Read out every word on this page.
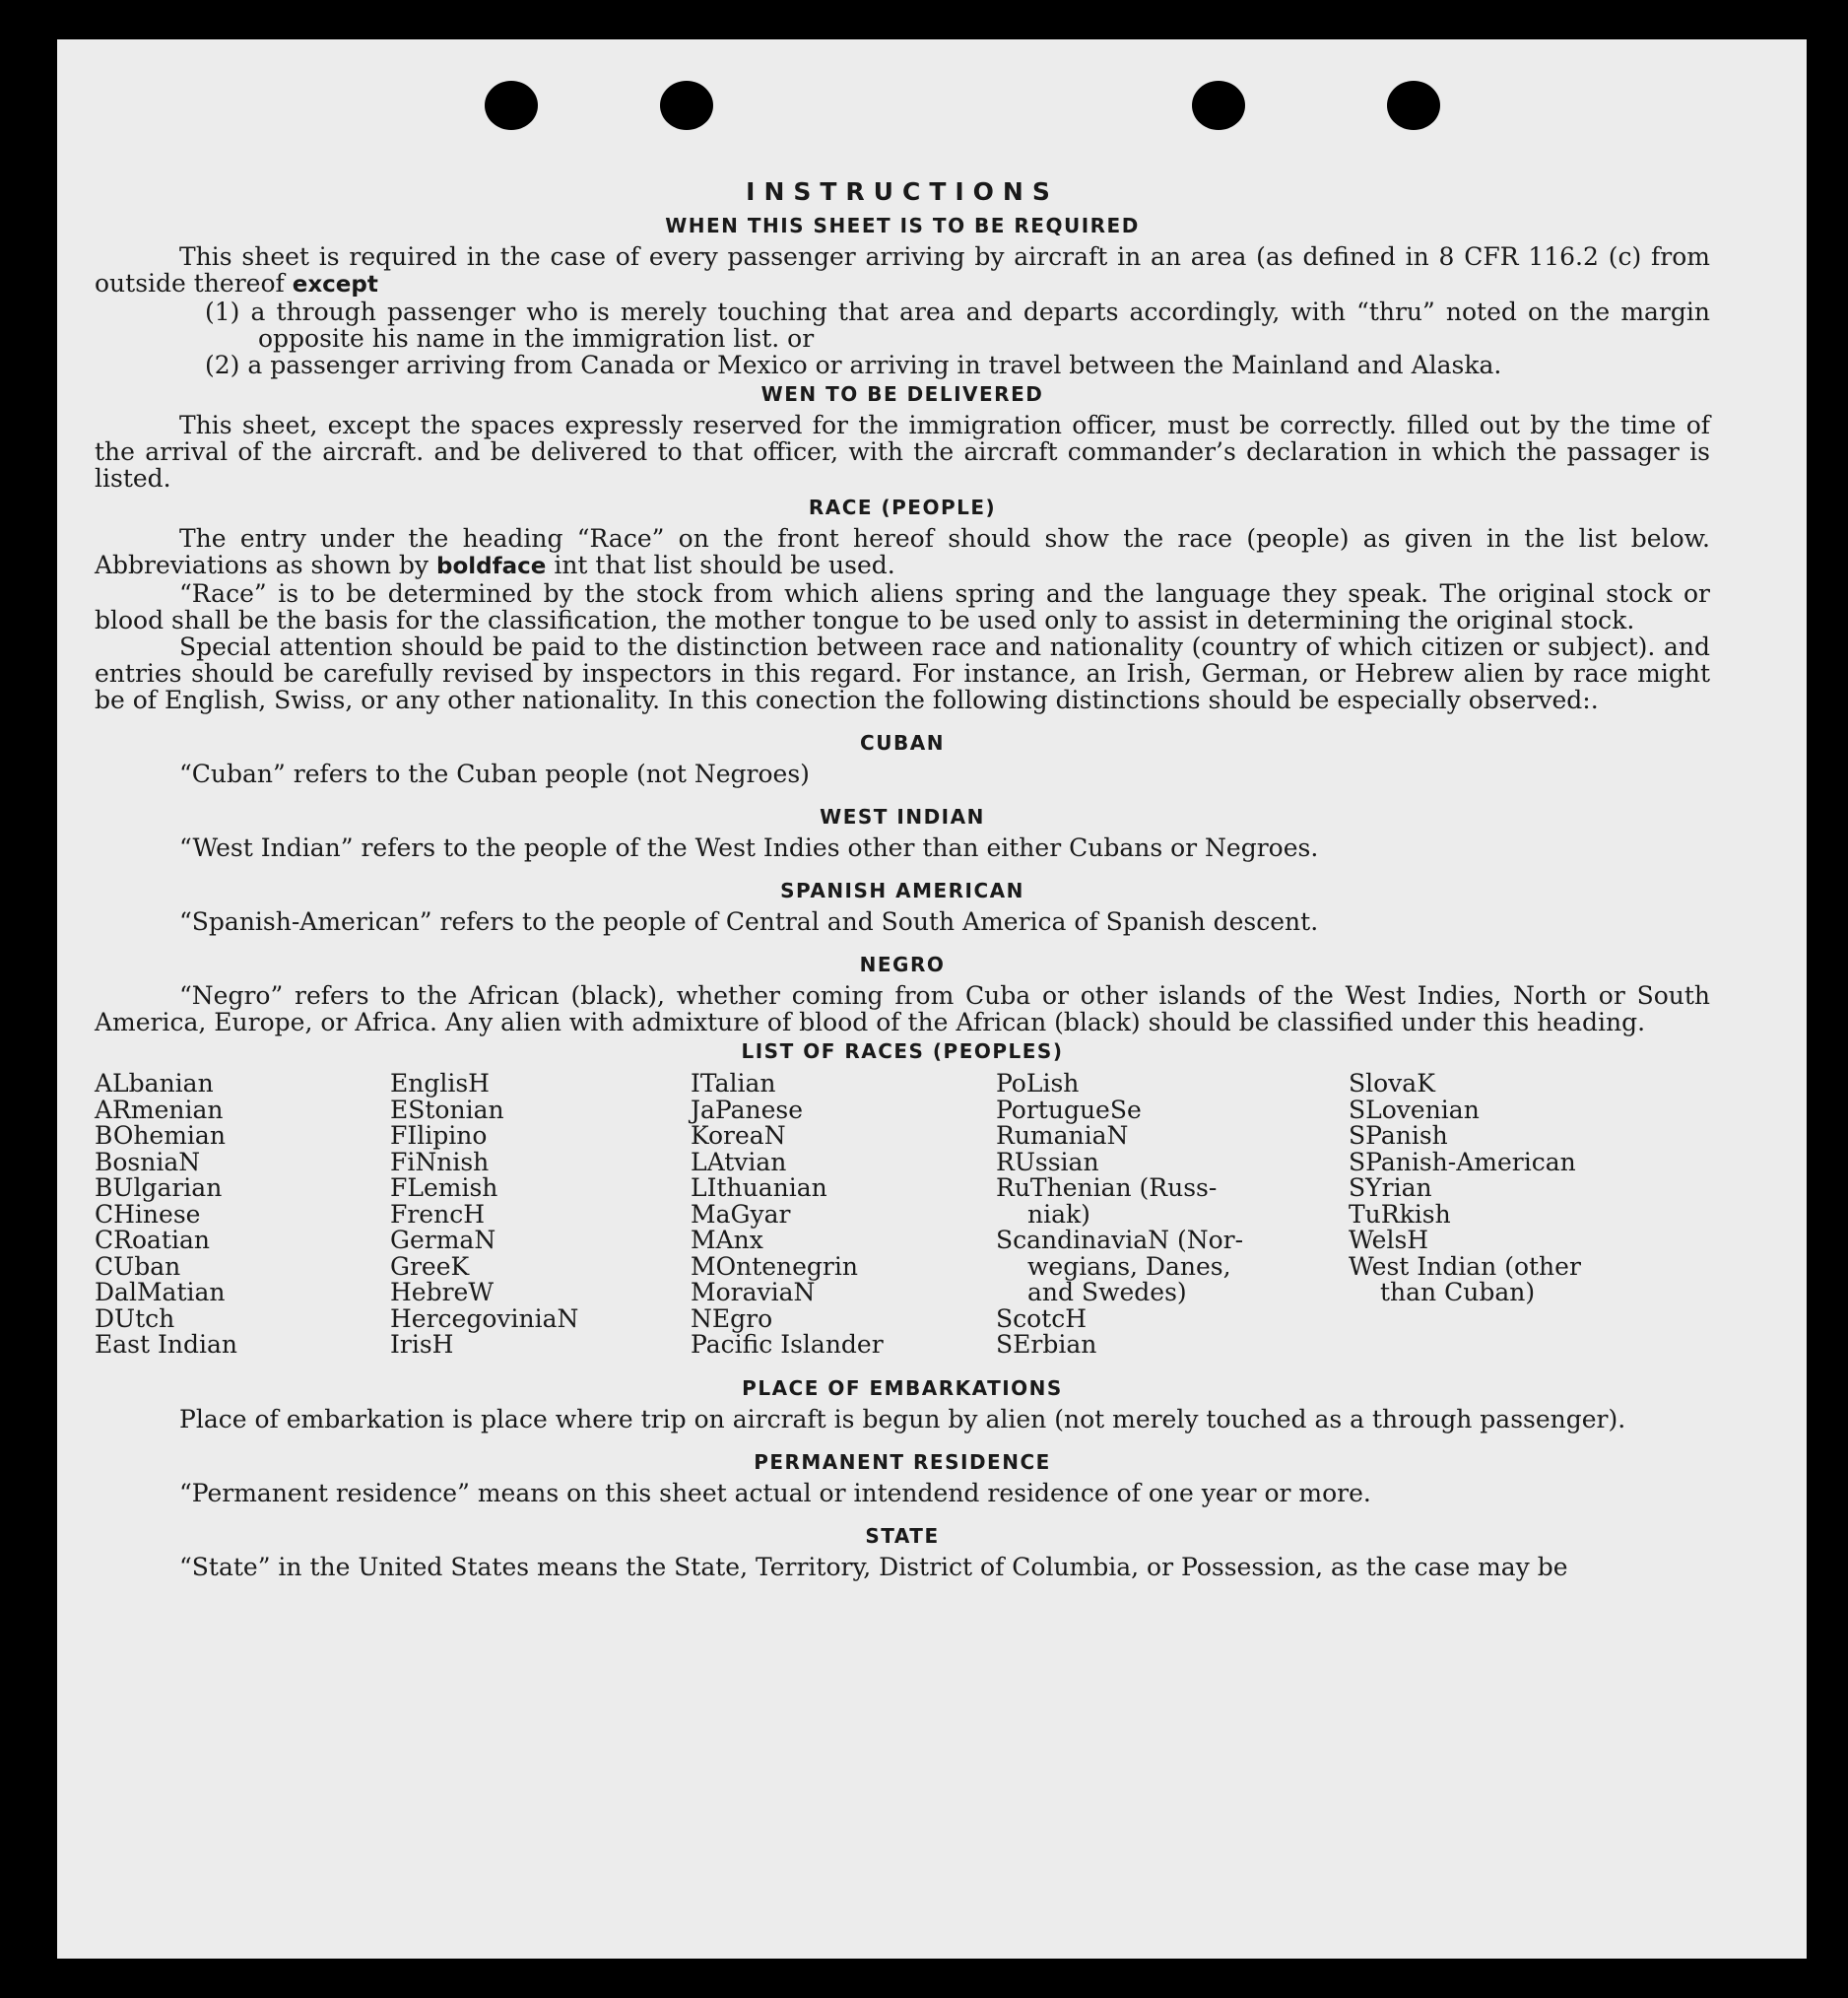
INSTRUCTIONS
WHEN THIS SHEET IS TO BE REQUIRED

This sheet is required in the case of every passenger arriving by aircraft in an area (as defined in 8 CFR 116.2 (c) from outside thereof except

(1) a through passenger who is merely touching that area and departs accordingly, with “thru” noted on the margin opposite his name in the immigration list. or

(2) a passenger arriving from Canada or Mexico or arriving in travel between the Mainland and Alaska.

WEN TO BE DELIVERED

This sheet, except the spaces expressly reserved for the immigration officer, must be correctly. filled out by the time of the arrival of the aircraft. and be delivered to that officer, with the aircraft commander’s declaration in which the passager is listed.

RACE (PEOPLE)

The entry under the heading “Race” on the front hereof should show the race (people) as given in the list below. Abbreviations as shown by boldface int that list should be used.

“Race” is to be determined by the stock from which aliens spring and the language they speak. The original stock or blood shall be the basis for the classification, the mother tongue to be used only to assist in determining the original stock.

Special attention should be paid to the distinction between race and nationality (country of which citizen or subject). and entries should be carefully revised by inspectors in this regard. For instance, an Irish, German, or Hebrew alien by race might be of English, Swiss, or any other nationality. In this conection the following distinctions should be especially observed:.

CUBAN

“Cuban” refers to the Cuban people (not Negroes)

WEST INDIAN

“West Indian” refers to the people of the West Indies other than either Cubans or Negroes.

SPANISH AMERICAN

“Spanish-American” refers to the people of Central and South America of Spanish descent.

NEGRO

“Negro” refers to the African (black), whether coming from Cuba or other islands of the West Indies, North or South America, Europe, or Africa. Any alien with admixture of blood of the African (black) should be classified under this heading.

LIST OF RACES (PEOPLES)
ALbanian
ARmenian
BOhemian
BosniaN
BUlgarian
CHinese
CRoatian
CUban
DalMatian
DUtch
East Indian
EnglisH
EStonian
FIlipino
FiNnish
FLemish
FrencH
GermaN
GreeK
HebreW
HercegoviniaN
IrisH
ITalian
JaPanese
KoreaN
LAtvian
LIthuanian
MaGyar
MAnx
MOntenegrin
MoraviaN
NEgro
Pacific Islander
PoLish
PortugueSe
RumaniaN
RUssian
RuThenian (Russ-
niak)
ScandinaviaN (Nor-
wegians, Danes,
and Swedes)
ScotcH
SErbian
SlovaK
SLovenian
SPanish
SPanish-American
SYrian
TuRkish
WelsH
West Indian (other
than Cuban)
PLACE OF EMBARKATIONS

Place of embarkation is place where trip on aircraft is begun by alien (not merely touched as a through passenger).

PERMANENT RESIDENCE

“Permanent residence” means on this sheet actual or intendend residence of one year or more.

STATE

“State” in the United States means the State, Territory, District of Columbia, or Possession, as the case may be
